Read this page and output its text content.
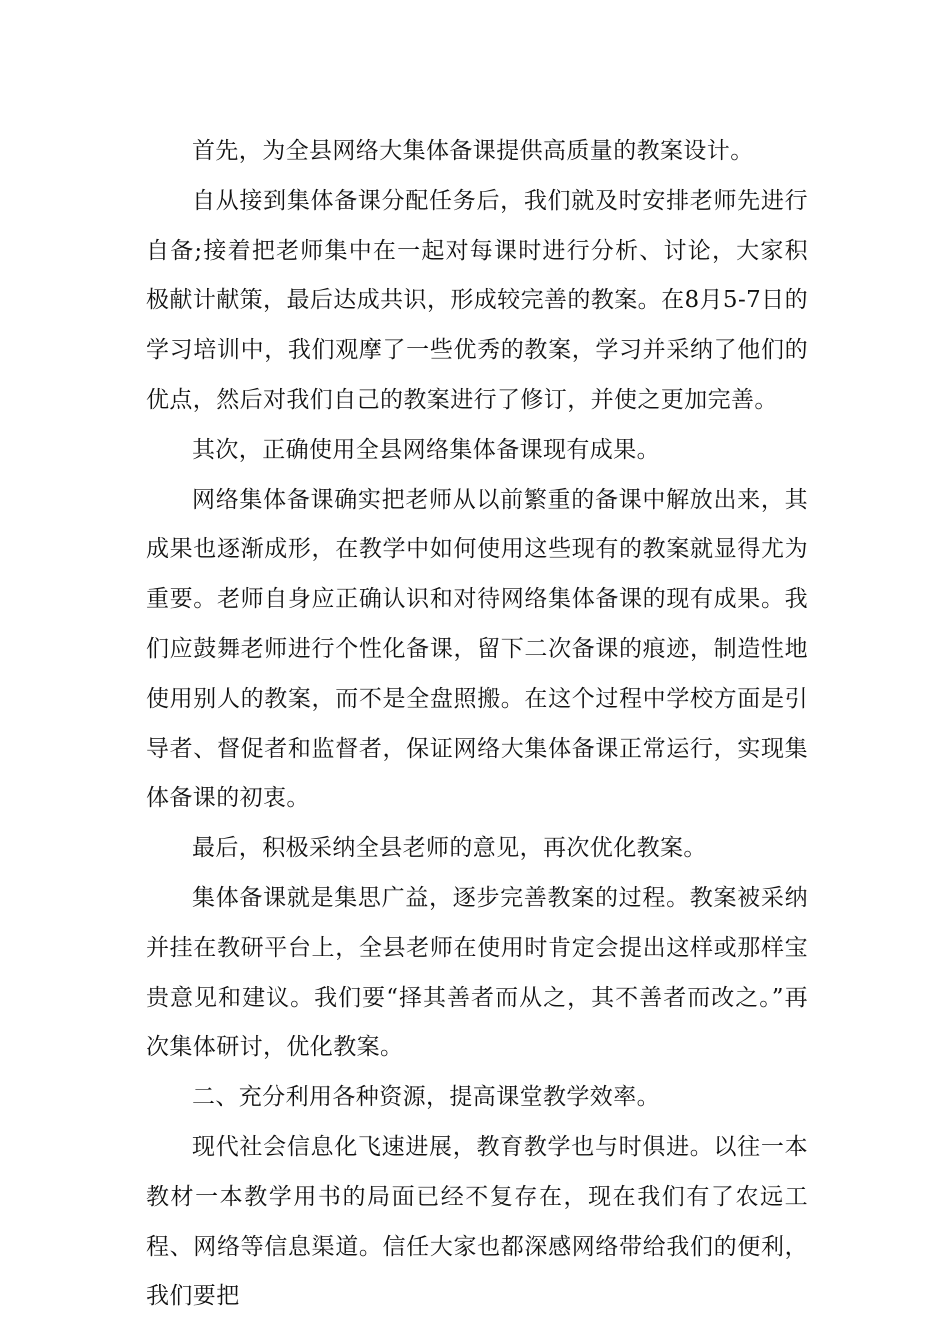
首先，为全县网络大集体备课提供高质量的教案设计。

自从接到集体备课分配任务后，我们就及时安排老师先进行自备;接着把老师集中在一起对每课时进行分析、讨论，大家积极献计献策，最后达成共识，形成较完善的教案。在8月5-7日的学习培训中，我们观摩了一些优秀的教案，学习并采纳了他们的优点，然后对我们自己的教案进行了修订，并使之更加完善。

其次，正确使用全县网络集体备课现有成果。

网络集体备课确实把老师从以前繁重的备课中解放出来，其成果也逐渐成形，在教学中如何使用这些现有的教案就显得尤为重要。老师自身应正确认识和对待网络集体备课的现有成果。我们应鼓舞老师进行个性化备课，留下二次备课的痕迹，制造性地使用别人的教案，而不是全盘照搬。在这个过程中学校方面是引导者、督促者和监督者，保证网络大集体备课正常运行，实现集体备课的初衷。

最后，积极采纳全县老师的意见，再次优化教案。

集体备课就是集思广益，逐步完善教案的过程。教案被采纳并挂在教研平台上，全县老师在使用时肯定会提出这样或那样宝贵意见和建议。我们要“择其善者而从之，其不善者而改之。”再次集体研讨，优化教案。

二、充分利用各种资源，提高课堂教学效率。

现代社会信息化飞速进展，教育教学也与时俱进。以往一本教材一本教学用书的局面已经不复存在，现在我们有了农远工程、网络等信息渠道。信任大家也都深感网络带给我们的便利，我们要把
